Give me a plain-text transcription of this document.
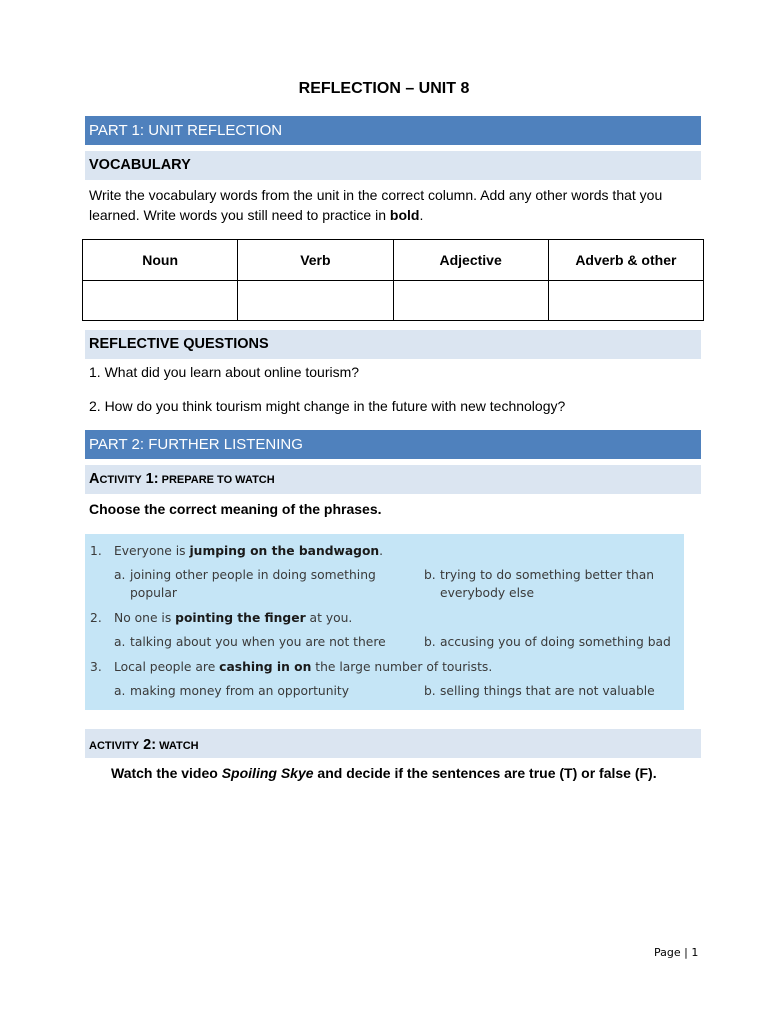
REFLECTION – UNIT 8
PART 1: UNIT REFLECTION
VOCABULARY
Write the vocabulary words from the unit in the correct column. Add any other words that you learned. Write words you still need to practice in bold.
Noun	Verb	Adjective	Adverb & other

REFLECTIVE QUESTIONS
1. What did you learn about online tourism?
2. How do you think tourism might change in the future with new technology?
PART 2: FURTHER LISTENING
ACTIVITY 1: PREPARE TO WATCH
Choose the correct meaning of the phrases.
1. Everyone is jumping on the bandwagon.
a. joining other people in doing something
popular
b. trying to do something better than
everybody else
2. No one is pointing the finger at you.
a. talking about you when you are not there	b. accusing you of doing something bad
3. Local people are cashing in on the large number of tourists.
a. making money from an opportunity	b. selling things that are not valuable
ACTIVITY 2: WATCH
Watch the video Spoiling Skye and decide if the sentences are true (T) or false (F).
Page | 1
